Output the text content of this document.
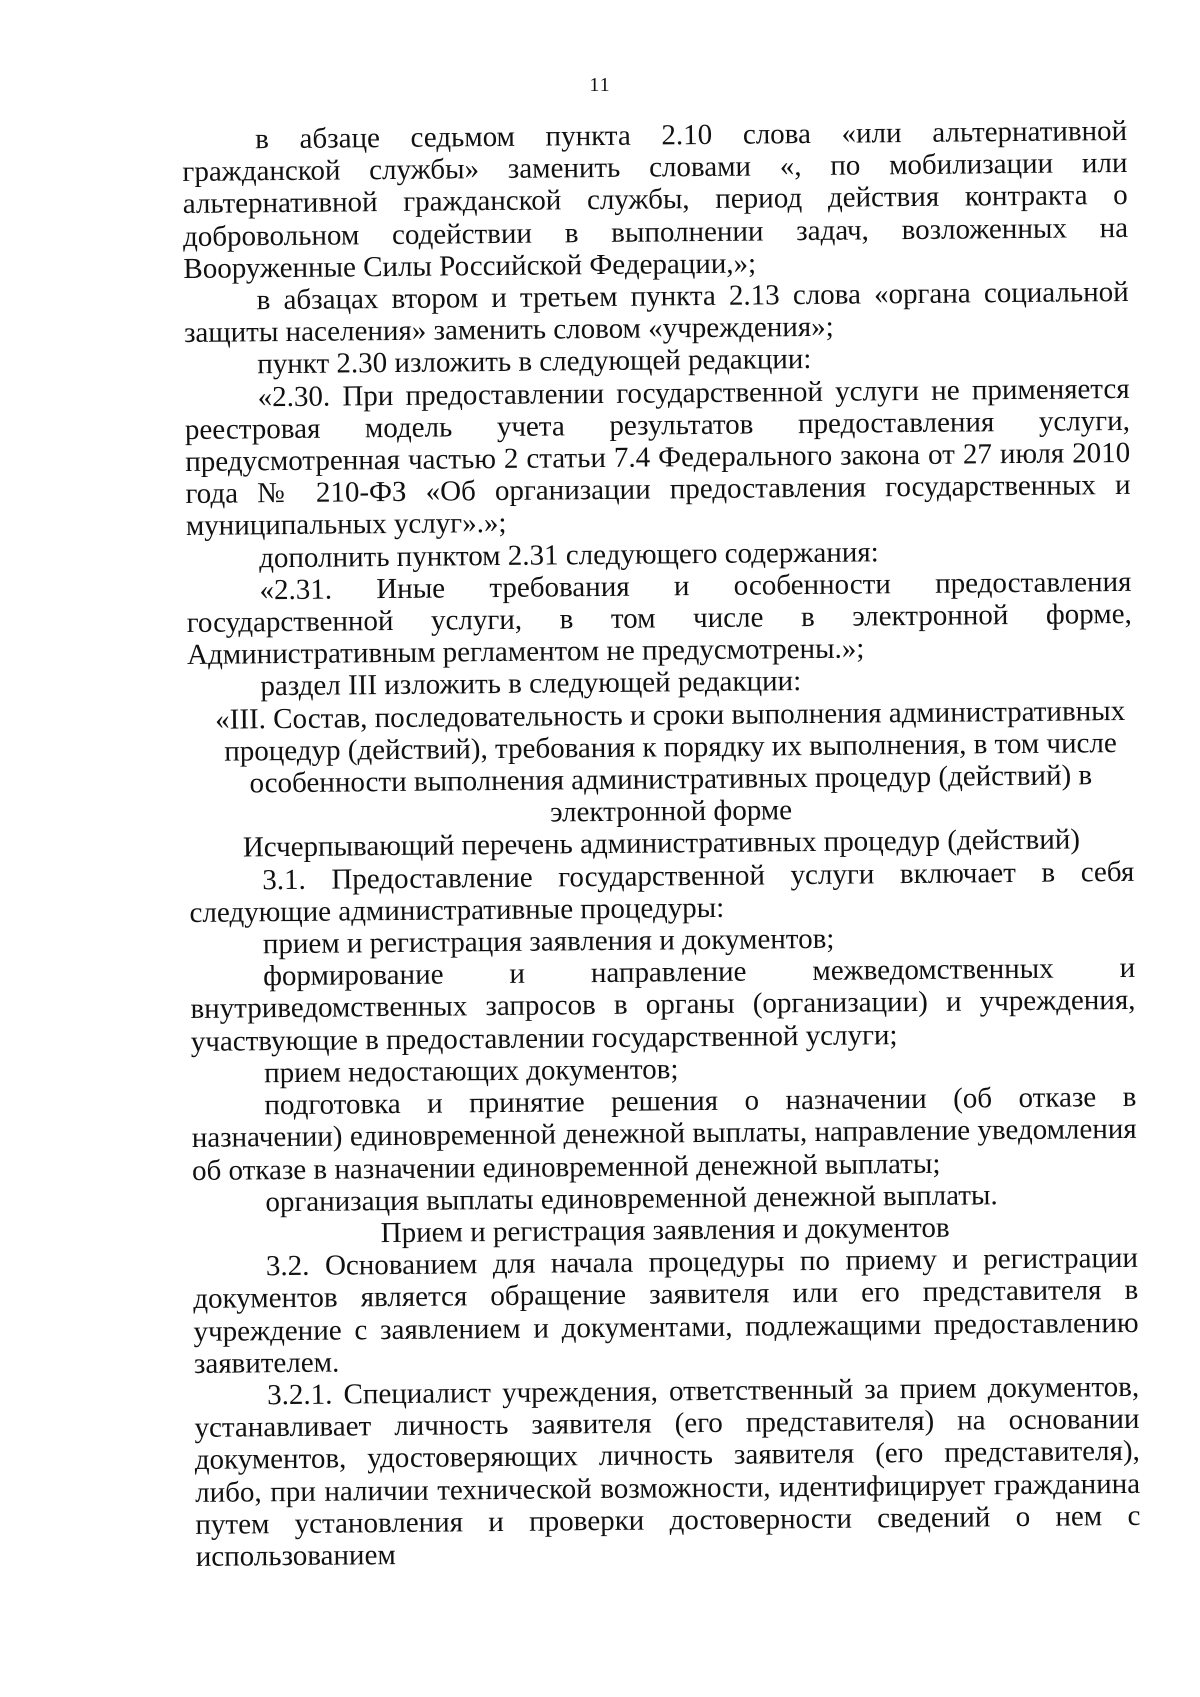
11

в абзаце седьмом пункта 2.10 слова «или альтернативной гражданской службы» заменить словами «, по мобилизации или альтернативной гражданской службы, период действия контракта о добровольном содействии в выполнении задач, возложенных на Вооруженные Силы Российской Федерации,»;

в абзацах втором и третьем пункта 2.13 слова «органа социальной защиты населения» заменить словом «учреждения»;

пункт 2.30 изложить в следующей редакции:

«2.30. При предоставлении государственной услуги не применяется реестровая модель учета результатов предоставления услуги, предусмотренная частью 2 статьи 7.4 Федерального закона от 27 июля 2010 года № 210-ФЗ «Об организации предоставления государственных и муниципальных услуг».»;

дополнить пунктом 2.31 следующего содержания:

«2.31. Иные требования и особенности предоставления государственной услуги, в том числе в электронной форме, Административным регламентом не предусмотрены.»;

раздел III изложить в следующей редакции:

«III. Состав, последовательность и сроки выполнения административных процедур (действий), требования к порядку их выполнения, в том числе особенности выполнения административных процедур (действий) в электронной форме

Исчерпывающий перечень административных процедур (действий)

3.1. Предоставление государственной услуги включает в себя следующие административные процедуры:

прием и регистрация заявления и документов;

формирование и направление межведомственных и внутриведомственных запросов в органы (организации) и учреждения, участвующие в предоставлении государственной услуги;

прием недостающих документов;

подготовка и принятие решения о назначении (об отказе в назначении) единовременной денежной выплаты, направление уведомления об отказе в назначении единовременной денежной выплаты;

организация выплаты единовременной денежной выплаты.

Прием и регистрация заявления и документов

3.2. Основанием для начала процедуры по приему и регистрации документов является обращение заявителя или его представителя в учреждение с заявлением и документами, подлежащими предоставлению заявителем.

3.2.1. Специалист учреждения, ответственный за прием документов, устанавливает личность заявителя (его представителя) на основании документов, удостоверяющих личность заявителя (его представителя), либо, при наличии технической возможности, идентифицирует гражданина путем установления и проверки достоверности сведений о нем с использованием
